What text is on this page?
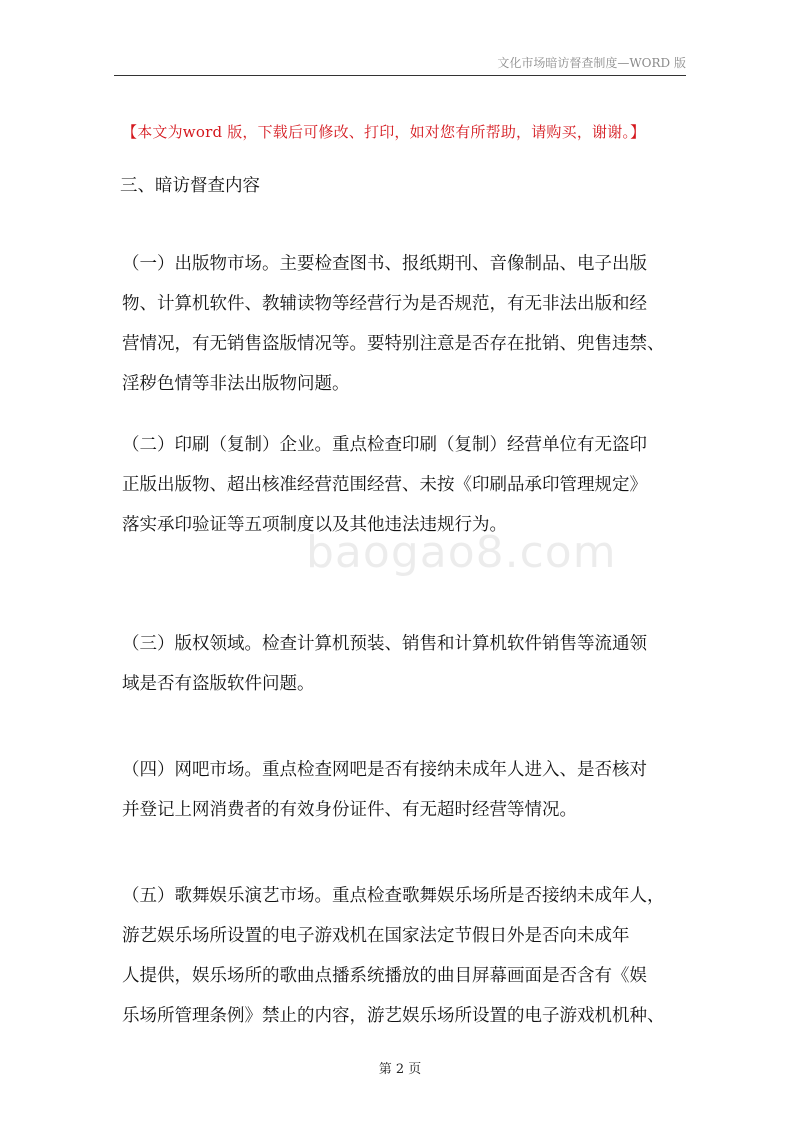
文化市场暗访督查制度—WORD 版
【本文为word 版，下载后可修改、打印，如对您有所帮助，请购买，谢谢。】
三、暗访督查内容

（一）出版物市场。主要检查图书、报纸期刊、音像制品、电子出版
物、计算机软件、教辅读物等经营行为是否规范，有无非法出版和经
营情况，有无销售盗版情况等。要特别注意是否存在批销、兜售违禁、
淫秽色情等非法出版物问题。

（二）印刷（复制）企业。重点检查印刷（复制）经营单位有无盗印
正版出版物、超出核准经营范围经营、未按《印刷品承印管理规定》
落实承印验证等五项制度以及其他违法违规行为。

（三）版权领域。检查计算机预装、销售和计算机软件销售等流通领
域是否有盗版软件问题。

（四）网吧市场。重点检查网吧是否有接纳未成年人进入、是否核对
并登记上网消费者的有效身份证件、有无超时经营等情况。

（五）歌舞娱乐演艺市场。重点检查歌舞娱乐场所是否接纳未成年人，
游艺娱乐场所设置的电子游戏机在国家法定节假日外是否向未成年
人提供，娱乐场所的歌曲点播系统播放的曲目屏幕画面是否含有《娱
乐场所管理条例》禁止的内容，游艺娱乐场所设置的电子游戏机机种、

baogao8.com
第 2 页
